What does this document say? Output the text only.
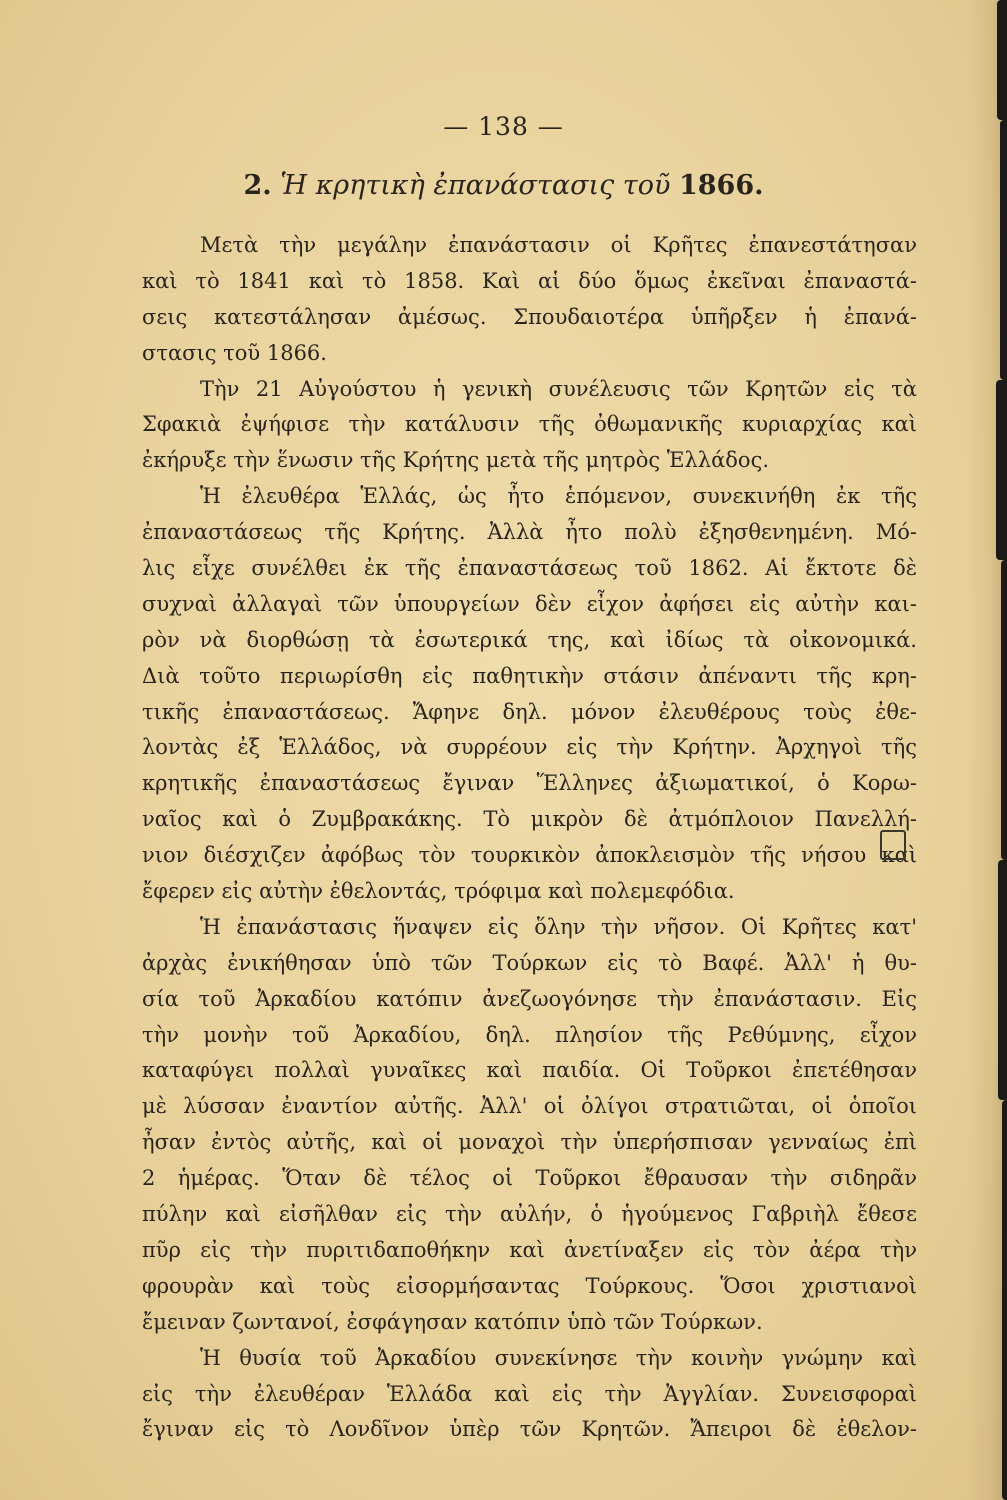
— 138 —
2. Ἡ κρητικὴ ἐπανάστασις τοῦ 1866.
Μετὰ τὴν μεγάλην ἐπανάστασιν οἱ Κρῆτες ἐπανεστάτησαν
καὶ τὸ 1841 καὶ τὸ 1858. Καὶ αἱ δύο ὅμως ἐκεῖναι ἐπαναστά-
σεις κατεστάλησαν ἀμέσως. Σπουδαιοτέρα ὑπῆρξεν ἡ ἐπανά-
στασις τοῦ 1866.
Τὴν 21 Αὐγούστου ἡ γενικὴ συνέλευσις τῶν Κρητῶν εἰς τὰ
Σφακιὰ ἐψήφισε τὴν κατάλυσιν τῆς ὀθωμανικῆς κυριαρχίας καὶ
ἐκήρυξε τὴν ἕνωσιν τῆς Κρήτης μετὰ τῆς μητρὸς Ἑλλάδος.
Ἡ ἐλευθέρα Ἑλλάς, ὡς ἦτο ἑπόμενον, συνεκινήθη ἐκ τῆς
ἐπαναστάσεως τῆς Κρήτης. Ἀλλὰ ἦτο πολὺ ἐξησθενημένη. Μό-
λις εἶχε συνέλθει ἐκ τῆς ἐπαναστάσεως τοῦ 1862. Αἱ ἔκτοτε δὲ
συχναὶ ἀλλαγαὶ τῶν ὑπουργείων δὲν εἶχον ἀφήσει εἰς αὐτὴν και-
ρὸν νὰ διορθώσῃ τὰ ἐσωτερικά της, καὶ ἰδίως τὰ οἰκονομικά.
Διὰ τοῦτο περιωρίσθη εἰς παθητικὴν στάσιν ἀπέναντι τῆς κρη-
τικῆς ἐπαναστάσεως. Ἄφηνε δηλ. μόνον ἐλευθέρους τοὺς ἐθε-
λοντὰς ἐξ Ἑλλάδος, νὰ συρρέουν εἰς τὴν Κρήτην. Ἀρχηγοὶ τῆς
κρητικῆς ἐπαναστάσεως ἔγιναν Ἕλληνες ἀξιωματικοί, ὁ Κορω-
ναῖος καὶ ὁ Ζυμβρακάκης. Τὸ μικρὸν δὲ ἀτμόπλοιον Πανελλή-
νιον διέσχιζεν ἀφόβως τὸν τουρκικὸν ἀποκλεισμὸν τῆς νήσου καὶ
ἔφερεν εἰς αὐτὴν ἐθελοντάς, τρόφιμα καὶ πολεμεφόδια.
Ἡ ἐπανάστασις ἥναψεν εἰς ὅλην τὴν νῆσον. Οἱ Κρῆτες κατ'
ἀρχὰς ἐνικήθησαν ὑπὸ τῶν Τούρκων εἰς τὸ Βαφέ. Ἀλλ' ἡ θυ-
σία τοῦ Ἀρκαδίου κατόπιν ἀνεζωογόνησε τὴν ἐπανάστασιν. Εἰς
τὴν μονὴν τοῦ Ἀρκαδίου, δηλ. πλησίον τῆς Ρεθύμνης, εἶχον
καταφύγει πολλαὶ γυναῖκες καὶ παιδία. Οἱ Τοῦρκοι ἐπετέθησαν
μὲ λύσσαν ἐναντίον αὐτῆς. Ἀλλ' οἱ ὀλίγοι στρατιῶται, οἱ ὁποῖοι
ἦσαν ἐντὸς αὐτῆς, καὶ οἱ μοναχοὶ τὴν ὑπερήσπισαν γενναίως ἐπὶ
2 ἡμέρας. Ὅταν δὲ τέλος οἱ Τοῦρκοι ἔθραυσαν τὴν σιδηρᾶν
πύλην καὶ εἰσῆλθαν εἰς τὴν αὐλήν, ὁ ἡγούμενος Γαβριὴλ ἔθεσε
πῦρ εἰς τὴν πυριτιδαποθήκην καὶ ἀνετίναξεν εἰς τὸν ἀέρα τὴν
φρουρὰν καὶ τοὺς εἰσορμήσαντας Τούρκους. Ὅσοι χριστιανοὶ
ἔμειναν ζωντανοί, ἐσφάγησαν κατόπιν ὑπὸ τῶν Τούρκων.
Ἡ θυσία τοῦ Ἀρκαδίου συνεκίνησε τὴν κοινὴν γνώμην καὶ
εἰς τὴν ἐλευθέραν Ἑλλάδα καὶ εἰς τὴν Ἀγγλίαν. Συνεισφοραὶ
ἔγιναν εἰς τὸ Λονδῖνον ὑπὲρ τῶν Κρητῶν. Ἄπειροι δὲ ἐθελον-
